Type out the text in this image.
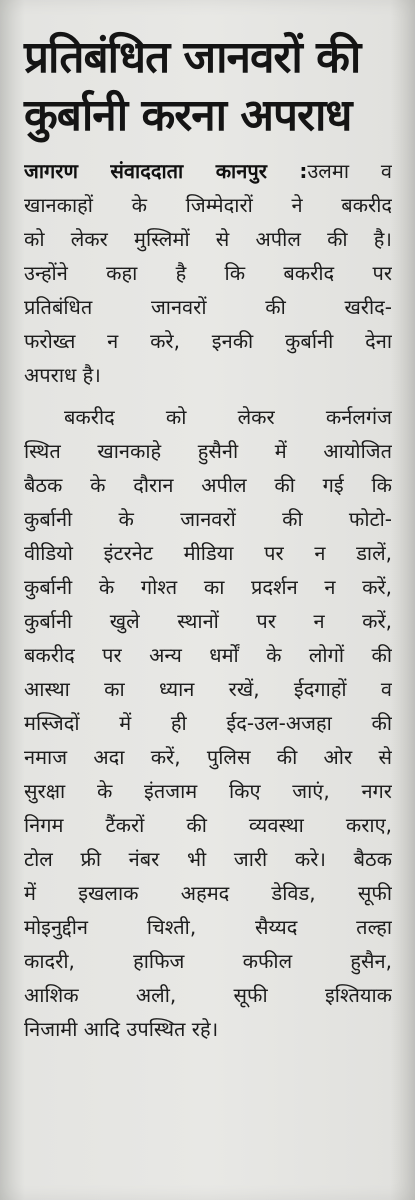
प्रतिबंधित जानवरों की
कुर्बानी करना अपराध

जागरण संवाददाता कानपुर :उलमा व

खानकाहों के जिम्मेदारों ने बकरीद

को लेकर मुस्लिमों से अपील की है।

उन्होंने कहा है कि बकरीद पर

प्रतिबंधित जानवरों की खरीद-

फरोख्त न करे, इनकी कुर्बानी देना

अपराध है।

बकरीद को लेकर कर्नलगंज

स्थित खानकाहे हुसैनी में आयोजित

बैठक के दौरान अपील की गई कि

कुर्बानी के जानवरों की फोटो-

वीडियो इंटरनेट मीडिया पर न डालें,

कुर्बानी के गोश्त का प्रदर्शन न करें,

कुर्बानी खुले स्थानों पर न करें,

बकरीद पर अन्य धर्मों के लोगों की

आस्था का ध्यान रखें, ईदगाहों व

मस्जिदों में ही ईद-उल-अजहा की

नमाज अदा करें, पुलिस की ओर से

सुरक्षा के इंतजाम किए जाएं, नगर

निगम टैंकरों की व्यवस्था कराए,

टोल फ्री नंबर भी जारी करे। बैठक

में इखलाक अहमद डेविड, सूफी

मोइनुद्दीन चिश्ती, सैय्यद तल्हा

कादरी, हाफिज कफील हुसैन,

आशिक अली, सूफी इश्तियाक

निजामी आदि उपस्थित रहे।
